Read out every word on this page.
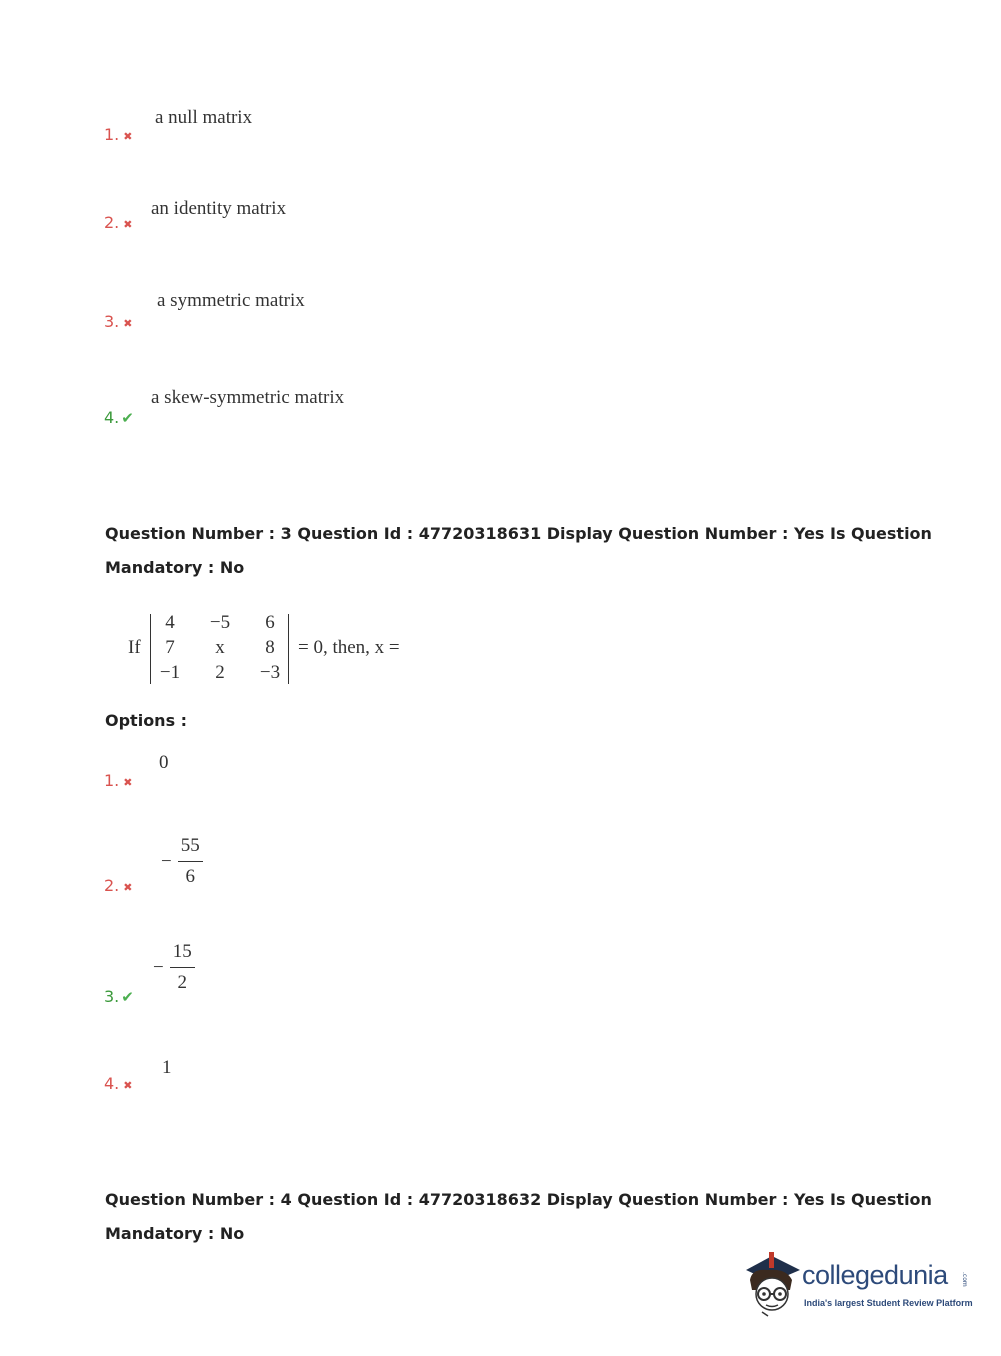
1. ✖
a null matrix
2. ✖
an identity matrix
3. ✖
a symmetric matrix
4. ✔
a skew-symmetric matrix
Question Number : 3 Question Id : 47720318631 Display Question Number : Yes Is Question
Mandatory : No
If
4	−5	6
7	x	8
−1	2	−3
= 0, then, x =
Options :
1. ✖
0
2. ✖
− $\frac{55}{6}$
3. ✔
− $\frac{15}{2}$
4. ✖
1
Question Number : 4 Question Id : 47720318632 Display Question Number : Yes Is Question
Mandatory : No
collegedunia .com
India's largest Student Review Platform
